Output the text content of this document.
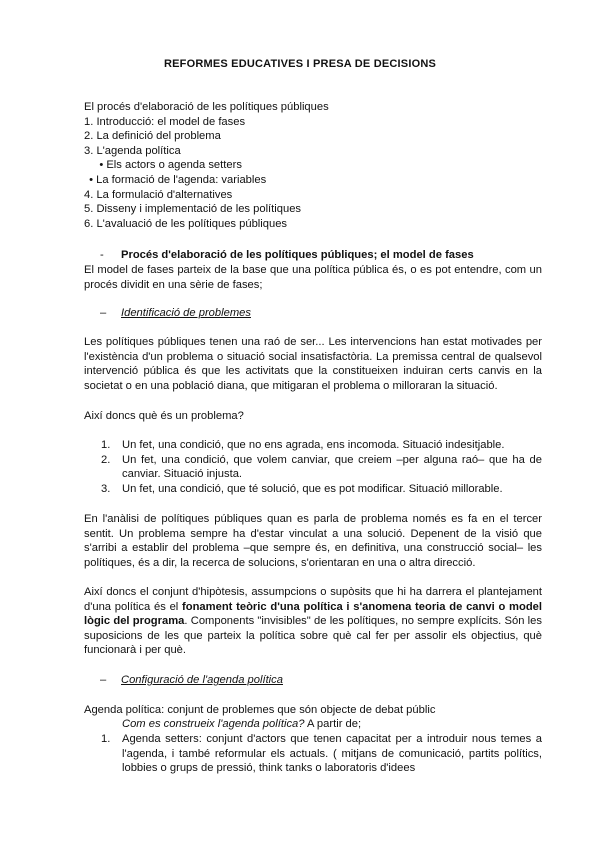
REFORMES EDUCATIVES I PRESA DE DECISIONS
El procés d'elaboració de les polítiques públiques
1. Introducció: el model de fases
2. La definició del problema
3. L'agenda política
• Els actors o agenda setters
• La formació de l'agenda: variables
4. La formulació d'alternatives
5. Disseny i implementació de les polítiques
6. L'avaluació de les polítiques públiques
- Procés d'elaboració de les polítiques públiques; el model de fases

El model de fases parteix de la base que una política pública és, o es pot entendre, com un procés dividit en una sèrie de fases;

– Identificació de problemes

Les polítiques públiques tenen una raó de ser... Les intervencions han estat motivades per l'existència d'un problema o situació social insatisfactòria. La premissa central de qualsevol intervenció pública és que les activitats que la constitueixen induiran certs canvis en la societat o en una població diana, que mitigaran el problema o milloraran la situació.

Així doncs què és un problema?

1. Un fet, una condició, que no ens agrada, ens incomoda. Situació indesitjable.
2. Un fet, una condició, que volem canviar, que creiem –per alguna raó– que ha de canviar. Situació injusta.
3. Un fet, una condició, que té solució, que es pot modificar. Situació millorable.

En l'anàlisi de polítiques públiques quan es parla de problema només es fa en el tercer sentit. Un problema sempre ha d'estar vinculat a una solució. Depenent de la visió que s'arribi a establir del problema –que sempre és, en definitiva, una construcció social– les polítiques, és a dir, la recerca de solucions, s'orientaran en una o altra direcció.

Així doncs el conjunt d'hipòtesis, assumpcions o supòsits que hi ha darrera el plantejament d'una política és el fonament teòric d'una política i s'anomena teoria de canvi o model lògic del programa. Components "invisibles" de les polítiques, no sempre explícits. Són les suposicions de les que parteix la política sobre què cal fer per assolir els objectius, què funcionarà i per què.

– Configuració de l'agenda política

Agenda política: conjunt de problemes que són objecte de debat públic

Com es construeix l'agenda política? A partir de;

1. Agenda setters: conjunt d'actors que tenen capacitat per a introduir nous temes a l'agenda, i també reformular els actuals. ( mitjans de comunicació, partits polítics, lobbies o grups de pressió, think tanks o laboratoris d'idees
